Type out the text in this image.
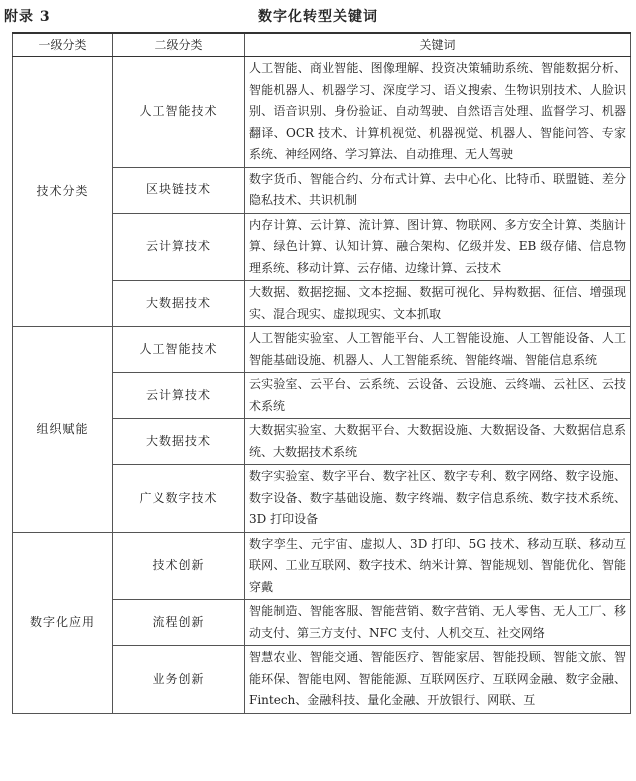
数字化转型关键词
附录 3
一级分类	二级分类	关键词
技术分类	人工智能技术	人工智能、商业智能、图像理解、投资决策辅助系统、智能数据分析、智能机器人、机器学习、深度学习、语义搜索、生物识别技术、人脸识别、语音识别、身份验证、自动驾驶、自然语言处理、监督学习、机器翻译、OCR 技术、计算机视觉、机器视觉、机器人、智能问答、专家系统、神经网络、学习算法、自动推理、无人驾驶
	区块链技术	数字货币、智能合约、分布式计算、去中心化、比特币、联盟链、差分隐私技术、共识机制
	云计算技术	内存计算、云计算、流计算、图计算、物联网、多方安全计算、类脑计算、绿色计算、认知计算、融合架构、亿级并发、EB 级存储、信息物理系统、移动计算、云存储、边缘计算、云技术
	大数据技术	大数据、数据挖掘、文本挖掘、数据可视化、异构数据、征信、增强现实、混合现实、虚拟现实、文本抓取
组织赋能	人工智能技术	人工智能实验室、人工智能平台、人工智能设施、人工智能设备、人工智能基础设施、机器人、人工智能系统、智能终端、智能信息系统
	云计算技术	云实验室、云平台、云系统、云设备、云设施、云终端、云社区、云技术系统
	大数据技术	大数据实验室、大数据平台、大数据设施、大数据设备、大数据信息系统、大数据技术系统
	广义数字技术	数字实验室、数字平台、数字社区、数字专利、数字网络、数字设施、数字设备、数字基础设施、数字终端、数字信息系统、数字技术系统、3D 打印设备
数字化应用	技术创新	数字孪生、元宇宙、虚拟人、3D 打印、5G 技术、移动互联、移动互联网、工业互联网、数字技术、纳米计算、智能规划、智能优化、智能穿戴
	流程创新	智能制造、智能客服、智能营销、数字营销、无人零售、无人工厂、移动支付、第三方支付、NFC 支付、人机交互、社交网络
	业务创新	智慧农业、智能交通、智能医疗、智能家居、智能投顾、智能文旅、智能环保、智能电网、智能能源、互联网医疗、互联网金融、数字金融、Fintech、金融科技、量化金融、开放银行、网联、互
